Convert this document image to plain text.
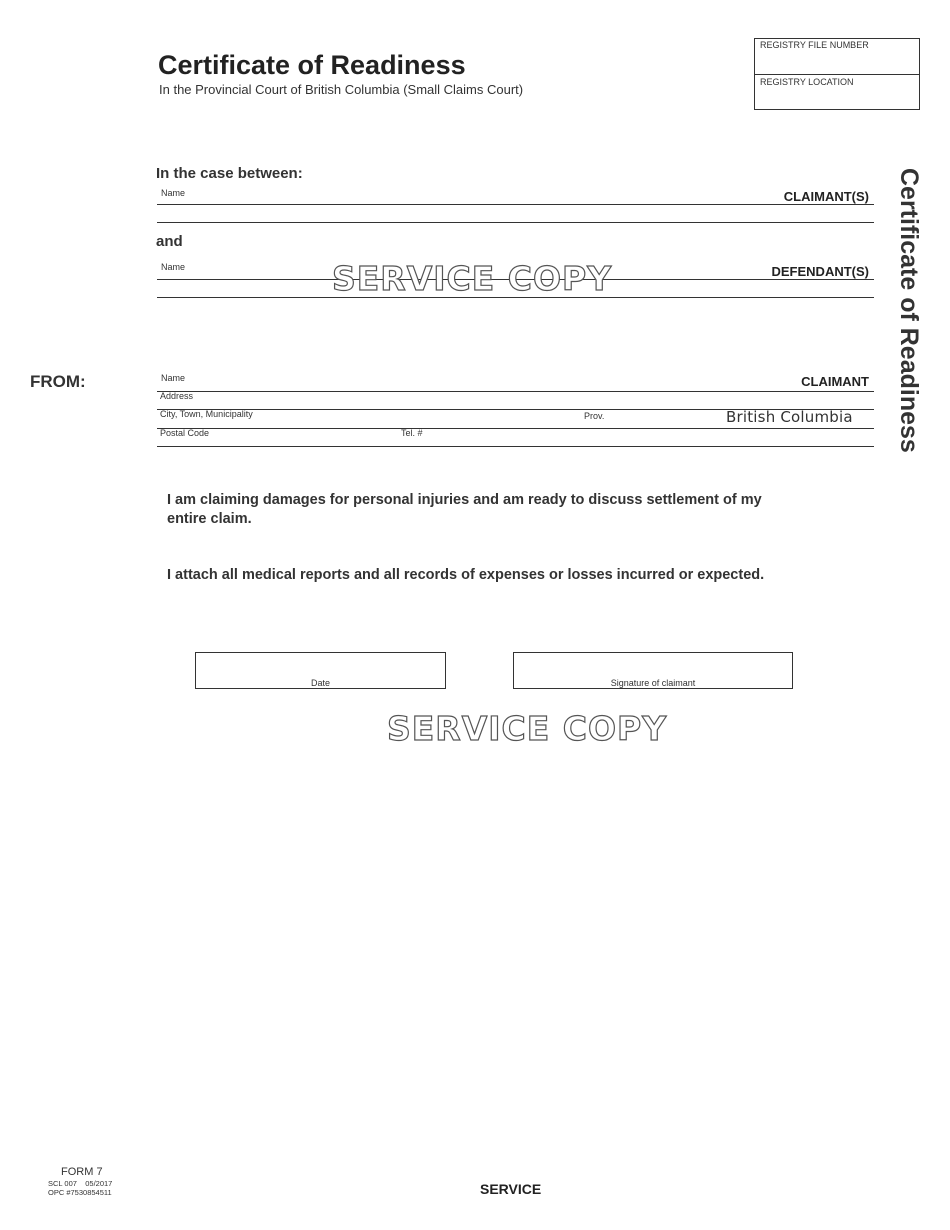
Certificate of Readiness
In the Provincial Court of British Columbia (Small Claims Court)
REGISTRY FILE NUMBER
REGISTRY LOCATION
Certificate of Readiness
In the case between:
Name	CLAIMANT(S)
and
Name	DEFENDANT(S)
SERVICE COPY
FROM:	Name	CLAIMANT
Address
City, Town, Municipality	Prov.	British Columbia
Postal Code	Tel. #
I am claiming damages for personal injuries and am ready to discuss settlement of my
entire claim.
I attach all medical reports and all records of expenses or losses incurred or expected.
Date	Signature of claimant
SERVICE COPY
FORM 7
SCL 007    05/2017
OPC #7530854511	SERVICE
